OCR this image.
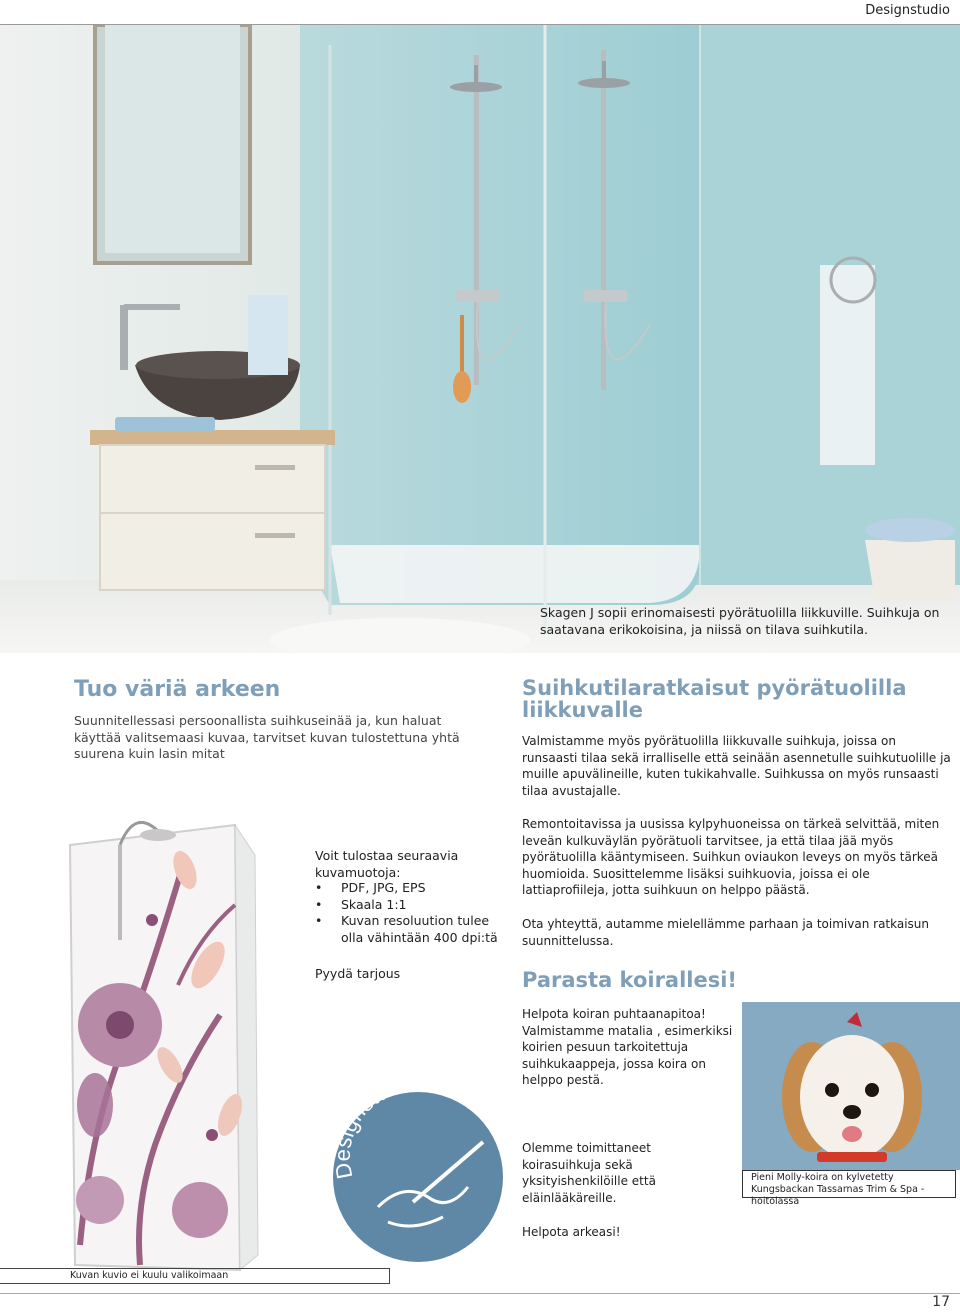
Designstudio
Skagen J sopii erinomaisesti pyörätuolilla liikkuville. Suihkuja on saatavana erikokoisina, ja niissä on tilava suihkutila.
Tuo väriä arkeen
Suunnitellessasi persoonallista suihkuseinää ja, kun haluat käyttää valitsemaasi kuvaa, tarvitset kuvan tulostettuna yhtä suurena kuin lasin mitat
Voit tulostaa seuraavia kuvamuotoja:
• PDF, JPG, EPS
• Skaala 1:1
• Kuvan resoluution tulee olla vähintään 400 dpi:tä
Pyydä tarjous
Designstudio
Suihkutilaratkaisut pyörätuolilla liikkuvalle
Valmistamme myös pyörätuolilla liikkuvalle suihkuja, joissa on runsaasti tilaa sekä irralliselle että seinään asennetulle suihkutuolille ja muille apuvälineille, kuten tukikahvalle. Suihkussa on myös runsaasti tilaa avustajalle.
Remontoitavissa ja uusissa kylpyhuoneissa on tärkeä selvittää, miten leveän kulkuväylän pyörätuoli tarvitsee, ja että tilaa jää myös pyörätuolilla kääntymiseen. Suihkun oviaukon leveys on myös tärkeä huomioida. Suosittelemme lisäksi suihkuovia, joissa ei ole lattiaprofiileja, jotta suihkuun on helppo päästä.
Ota yhteyttä, autamme mielellämme parhaan ja toimivan ratkaisun suunnittelussa.
Parasta koirallesi!
Helpota koiran puhtaanapitoa! Valmistamme matalia , esimerkiksi koirien pesuun tarkoitettuja suihkukaappeja, jossa koira on helppo pestä.
Olemme toimittaneet koirasuihkuja sekä yksityishenkilöille että eläinlääkäreille.
Helpota arkeasi!
Pieni Molly-koira on kylvetetty Kungsbackan Tassarnas Trim & Spa -hoitolassa
Kuvan kuvio ei kuulu valikoimaan
17
